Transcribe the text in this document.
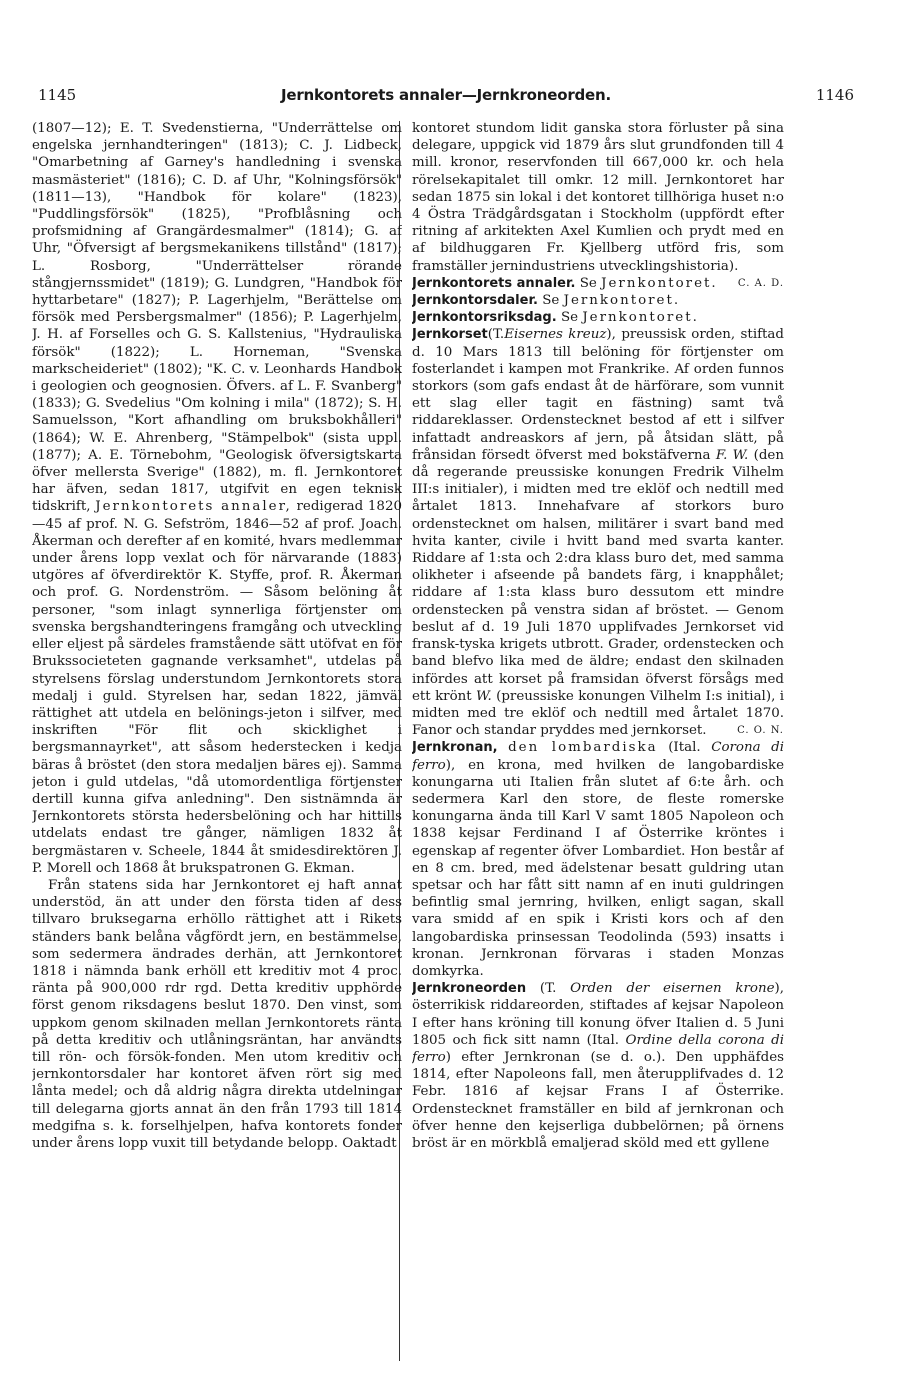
1145	Jernkontorets annaler—Jernkroneorden.	1146

(1807—12); E. T. Svedenstierna, "Underrättelse om engelska jernhandteringen" (1813); C. J. Lidbeck, "Omarbetning af Garney's handledning i svenska masmästeriet" (1816); C. D. af Uhr, "Kolningsförsök" (1811—13), "Handbok för kolare" (1823), "Puddlingsförsök" (1825), "Profblåsning och profsmidning af Grangärdesmalmer" (1814); G. af Uhr, "Öfversigt af bergsmekanikens tillstånd" (1817); L. Rosborg, "Underrättelser rörande stångjernssmidet" (1819); G. Lundgren, "Handbok för hyttarbetare" (1827); P. Lagerhjelm, "Berättelse om försök med Persbergsmalmer" (1856); P. Lagerhjelm, J. H. af Forselles och G. S. Kallstenius, "Hydrauliska försök" (1822); L. Horneman, "Svenska markscheideriet" (1802); "K. C. v. Leonhards Handbok i geologien och geognosien. Öfvers. af L. F. Svanberg" (1833); G. Svedelius "Om kolning i mila" (1872); S. H. Samuelsson, "Kort afhandling om bruksbokhålleri" (1864); W. E. Ahrenberg, "Stämpelbok" (sista uppl. (1877); A. E. Törnebohm, "Geologisk öfversigtskarta öfver mellersta Sverige" (1882), m. fl. Jernkontoret har äfven, sedan 1817, utgifvit en egen teknisk tidskrift, Jernkontorets annaler, redigerad 1820—45 af prof. N. G. Sefström, 1846—52 af prof. Joach. Åkerman och derefter af en komité, hvars medlemmar under årens lopp vexlat och för närvarande (1883) utgöres af öfverdirektör K. Styffe, prof. R. Åkerman och prof. G. Nordenström. — Såsom belöning åt personer, "som inlagt synnerliga förtjenster om svenska bergshandteringens framgång och utveckling eller eljest på särdeles framstående sätt utöfvat en för Brukssocieteten gagnande verksamhet", utdelas på styrelsens förslag understundom Jernkontorets stora medalj i guld. Styrelsen har, sedan 1822, jämväl rättighet att utdela en belönings-jeton i silfver, med inskriften "För flit och skicklighet i bergsmannayrket", att såsom hederstecken i kedja bäras å bröstet (den stora medaljen bäres ej). Samma jeton i guld utdelas, "då utomordentliga förtjenster dertill kunna gifva anledning". Den sistnämnda är Jernkontorets största hedersbelöning och har hittills utdelats endast tre gånger, nämligen 1832 åt bergmästaren v. Scheele, 1844 åt smidesdirektören J. P. Morell och 1868 åt brukspatronen G. Ekman.

Från statens sida har Jernkontoret ej haft annat understöd, än att under den första tiden af dess tillvaro bruksegarna erhöllo rättighet att i Rikets ständers bank belåna vågfördt jern, en bestämmelse, som sedermera ändrades derhän, att Jernkontoret 1818 i nämnda bank erhöll ett kreditiv mot 4 proc. ränta på 900,000 rdr rgd. Detta kreditiv upphörde först genom riksdagens beslut 1870. Den vinst, som uppkom genom skilnaden mellan Jernkontorets ränta på detta kreditiv och utlåningsräntan, har användts till rön- och försök-fonden. Men utom kreditiv och jernkontorsdaler har kontoret äfven rört sig med lånta medel; och då aldrig några direkta utdelningar till delegarna gjorts annat än den från 1793 till 1814 medgifna s. k. forselhjelpen, hafva kontorets fonder under årens lopp vuxit till betydande belopp. Oaktadt

kontoret stundom lidit ganska stora förluster på sina delegare, uppgick vid 1879 års slut grundfonden till 4 mill. kronor, reservfonden till 667,000 kr. och hela rörelsekapitalet till omkr. 12 mill. Jernkontoret har sedan 1875 sin lokal i det kontoret tillhöriga huset n:o 4 Östra Trädgårdsgatan i Stockholm (uppfördt efter ritning af arkitekten Axel Kumlien och prydt med en af bildhuggaren Fr. Kjellberg utförd fris, som framställer jernindustriens utvecklingshistoria).
C. A. D.

Jernkontorets annaler. Se Jernkontoret.

Jernkontorsdaler. Se Jernkontoret.

Jernkontorsriksdag. Se Jernkontoret.

Jernkorset(T.Eisernes kreuz), preussisk orden, stiftad d. 10 Mars 1813 till belöning för förtjenster om fosterlandet i kampen mot Frankrike. Af orden funnos storkors (som gafs endast åt de härförare, som vunnit ett slag eller tagit en fästning) samt två riddareklasser. Ordenstecknet bestod af ett i silfver infattadt andreaskors af jern, på åtsidan slätt, på frånsidan försedt öfverst med bokstäfverna F. W. (den då regerande preussiske konungen Fredrik Vilhelm III:s initialer), i midten med tre eklöf och nedtill med årtalet 1813. Innehafvare af storkors buro ordenstecknet om halsen, militärer i svart band med hvita kanter, civile i hvitt band med svarta kanter. Riddare af 1:sta och 2:dra klass buro det, med samma olikheter i afseende på bandets färg, i knapphålet; riddare af 1:sta klass buro dessutom ett mindre ordenstecken på venstra sidan af bröstet. — Genom beslut af d. 19 Juli 1870 upplifvades Jernkorset vid fransk-tyska krigets utbrott. Grader, ordenstecken och band blefvo lika med de äldre; endast den skilnaden infördes att korset på framsidan öfverst försågs med ett krönt W. (preussiske konungen Vilhelm I:s initial), i midten med tre eklöf och nedtill med årtalet 1870. Fanor och standar pryddes med jernkorset.	C. O. N.

Jernkronan, den lombardiska (Ital. Corona di ferro), en krona, med hvilken de langobardiske konungarna uti Italien från slutet af 6:te årh. och sedermera Karl den store, de fleste romerske konungarna ända till Karl V samt 1805 Napoleon och 1838 kejsar Ferdinand I af Österrike kröntes i egenskap af regenter öfver Lombardiet. Hon består af en 8 cm. bred, med ädelstenar besatt guldring utan spetsar och har fått sitt namn af en inuti guldringen befintlig smal jernring, hvilken, enligt sagan, skall vara smidd af en spik i Kristi kors och af den langobardiska prinsessan Teodolinda (593) insatts i kronan. Jernkronan förvaras i staden Monzas domkyrka.

Jernkroneorden (T. Orden der eisernen krone), österrikisk riddareorden, stiftades af kejsar Napoleon I efter hans kröning till konung öfver Italien d. 5 Juni 1805 och fick sitt namn (Ital. Ordine della corona di ferro) efter Jernkronan (se d. o.). Den upphäfdes 1814, efter Napoleons fall, men återupplifvades d. 12 Febr. 1816 af kejsar Frans I af Österrike. Ordenstecknet framställer en bild af jernkronan och öfver henne den kejserliga dubbelörnen; på örnens bröst är en mörkblå emaljerad sköld med ett gyllene
